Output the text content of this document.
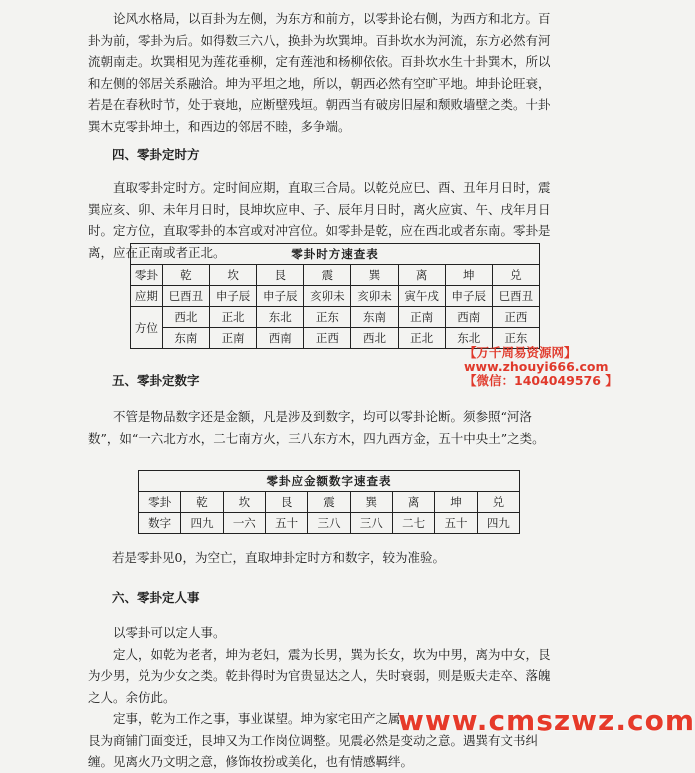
论风水格局，以百卦为左侧，为东方和前方，以零卦论右侧，为西方和北方。百卦为前，零卦为后。如得数三六八，换卦为坎巽坤。百卦坎水为河流，东方必然有河流朝南走。坎巽相见为莲花垂柳，定有莲池和杨柳依依。百卦坎水生十卦巽木，所以和左侧的邻居关系融洽。坤为平坦之地，所以，朝西必然有空旷平地。坤卦论旺衰，若是在春秋时节，处于衰地，应断壁残垣。朝西当有破房旧屋和颓败墙壁之类。十卦巽木克零卦坤土，和西边的邻居不睦，多争端。

四、零卦定时方

直取零卦定时方。定时间应期，直取三合局。以乾兑应巳、酉、丑年月日时，震巽应亥、卯、未年月日时，艮坤坎应申、子、辰年月日时，离火应寅、午、戌年月日时。定方位，直取零卦的本宫或对冲宫位。如零卦是乾，应在西北或者东南。零卦是离，应在正南或者正北。	零卦时方速查表								
零卦	乾	坎	艮	震	巽	离	坤	兑
应期	巳酉丑	申子辰	申子辰	亥卯未	亥卯未	寅午戌	申子辰	巳酉丑
方位	西北	正北	东北	正东	东南	正南	西南	正西
	东南	正南	西南	正西	西北	正北	东北	正东
【万千周易资源网】
www.zhouyi666.com
【微信：1404049576 】

五、零卦定数字

不管是物品数字还是金额，凡是涉及到数字，均可以零卦论断。须参照“河洛数”，如“一六北方水，二七南方火，三八东方木，四九西方金，五十中央土”之类。

零卦应金额数字速查表								
零卦	乾	坎	艮	震	巽	离	坤	兑
数字	四九	一六	五十	三八	三八	二七	五十	四九

若是零卦见0，为空亡，直取坤卦定时方和数字，较为准验。

六、零卦定人事

以零卦可以定人事。
定人，如乾为老者，坤为老妇，震为长男，巽为长女，坎为中男，离为中女，艮为少男，兑为少女之类。乾卦得时为官贵显达之人，失时衰弱，则是贩夫走卒、落魄之人。余仿此。
定事，乾为工作之事，事业谋望。坤为家宅田产之属。
艮为商铺门面变迁，艮坤又为工作岗位调整。见震必然是变动之意。遇巽有文书纠缠。见离火乃文明之意，修饰妆扮或美化，也有情感羁绊。
www.cmszwz.com
